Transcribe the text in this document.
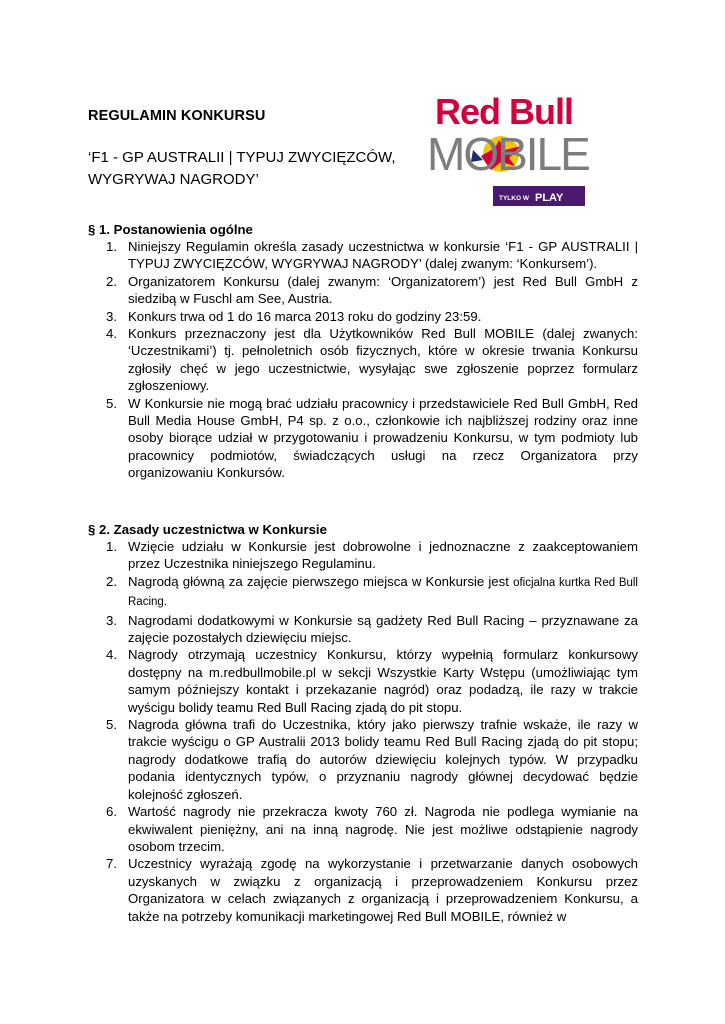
REGULAMIN KONKURSU
‘F1 - GP AUSTRALII | TYPUJ ZWYCIĘZCÓW, WYGRYWAJ NAGRODY’
Red Bull
MOBILE
TYLKO W PLAY
§ 1. Postanowienia ogólne
1. Niniejszy Regulamin określa zasady uczestnictwa w konkursie ‘F1 - GP AUSTRALII | TYPUJ ZWYCIĘZCÓW, WYGRYWAJ NAGRODY’ (dalej zwanym: ‘Konkursem’).
2. Organizatorem Konkursu (dalej zwanym: ‘Organizatorem’) jest Red Bull GmbH z siedzibą w Fuschl am See, Austria.
3. Konkurs trwa od 1 do 16 marca 2013 roku do godziny 23:59.
4. Konkurs przeznaczony jest dla Użytkowników Red Bull MOBILE (dalej zwanych: ‘Uczestnikami’) tj. pełnoletnich osób fizycznych, które w okresie trwania Konkursu zgłosiły chęć w jego uczestnictwie, wysyłając swe zgłoszenie poprzez formularz zgłoszeniowy.
5. W Konkursie nie mogą brać udziału pracownicy i przedstawiciele Red Bull GmbH, Red Bull Media House GmbH, P4 sp. z o.o., członkowie ich najbliższej rodziny oraz inne osoby biorące udział w przygotowaniu i prowadzeniu Konkursu, w tym podmioty lub pracownicy podmiotów, świadczących usługi na rzecz Organizatora przy organizowaniu Konkursów.
§ 2. Zasady uczestnictwa w Konkursie
1. Wzięcie udziału w Konkursie jest dobrowolne i jednoznaczne z zaakceptowaniem przez Uczestnika niniejszego Regulaminu.
2. Nagrodą główną za zajęcie pierwszego miejsca w Konkursie jest oficjalna kurtka Red Bull Racing.
3. Nagrodami dodatkowymi w Konkursie są gadżety Red Bull Racing – przyznawane za zajęcie pozostałych dziewięciu miejsc.
4. Nagrody otrzymają uczestnicy Konkursu, którzy wypełnią formularz konkursowy dostępny na m.redbullmobile.pl w sekcji Wszystkie Karty Wstępu (umożliwiając tym samym późniejszy kontakt i przekazanie nagród) oraz podadzą, ile razy w trakcie wyścigu bolidy teamu Red Bull Racing zjadą do pit stopu.
5. Nagroda główna trafi do Uczestnika, który jako pierwszy trafnie wskaże, ile razy w trakcie wyścigu o GP Australii 2013 bolidy teamu Red Bull Racing zjadą do pit stopu; nagrody dodatkowe trafią do autorów dziewięciu kolejnych typów. W przypadku podania identycznych typów, o przyznaniu nagrody głównej decydować będzie kolejność zgłoszeń.
6. Wartość nagrody nie przekracza kwoty 760 zł. Nagroda nie podlega wymianie na ekwiwalent pieniężny, ani na inną nagrodę. Nie jest możliwe odstąpienie nagrody osobom trzecim.
7. Uczestnicy wyrażają zgodę na wykorzystanie i przetwarzanie danych osobowych uzyskanych w związku z organizacją i przeprowadzeniem Konkursu przez Organizatora w celach związanych z organizacją i przeprowadzeniem Konkursu, a także na potrzeby komunikacji marketingowej Red Bull MOBILE, również w
